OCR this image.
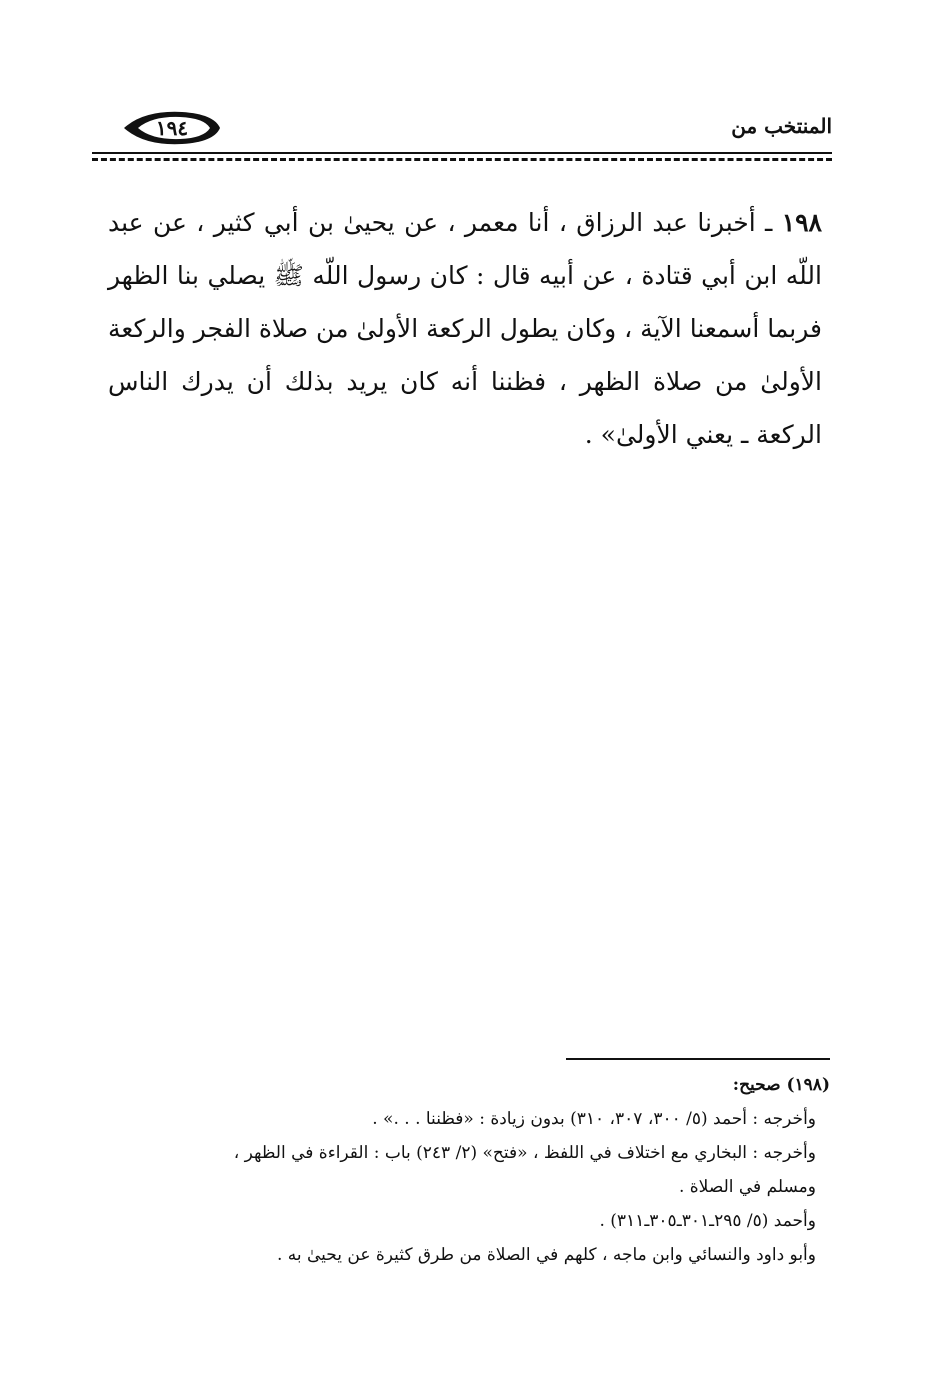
المنتخب من
١٩٤
١٩٨ ـ أخبرنا عبد الرزاق ، أنا معمر ، عن يحيىٰ بن أبي كثير ، عن عبد اللّه ابن أبي قتادة ، عن أبيه قال : كان رسول اللّه ﷺ يصلي بنا الظهر فربما أسمعنا الآية ، وكان يطول الركعة الأولىٰ من صلاة الفجر والركعة الأولىٰ من صلاة الظهر ، فظننا أنه كان يريد بذلك أن يدرك الناس الركعة ـ يعني الأولىٰ» .
(١٩٨) صحيح:
وأخرجه : أحمد (٥/ ٣٠٠، ٣٠٧، ٣١٠) بدون زيادة : «فظننا . . .» .
وأخرجه : البخاري مع اختلاف في اللفظ ، «فتح» (٢/ ٢٤٣) باب : القراءة في الظهر ،
ومسلم في الصلاة .
وأحمد (٥/ ٢٩٥ـ٣٠١ـ٣٠٥ـ٣١١) .
وأبو داود والنسائي وابن ماجه ، كلهم في الصلاة من طرق كثيرة عن يحيىٰ به .
